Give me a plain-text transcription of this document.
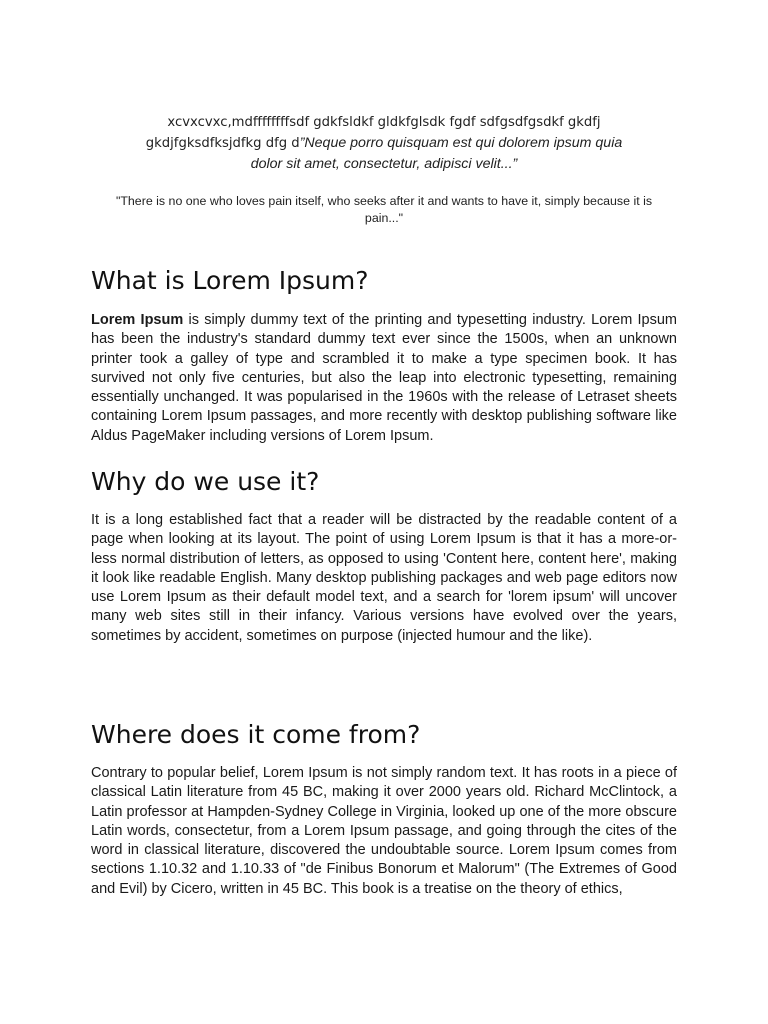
xcvxcvxc,mdffffffffsdf gdkfsldkf gldkfglsdk fgdf sdfgsdfgsdkf gkdfj
gkdjfgksdfksjdfkg dfg d”Neque porro quisquam est qui dolorem ipsum quia
dolor sit amet, consectetur, adipisci velit...”
"There is no one who loves pain itself, who seeks after it and wants to have it, simply because it is pain..."
What is Lorem Ipsum?

Lorem Ipsum is simply dummy text of the printing and typesetting industry. Lorem Ipsum has been the industry's standard dummy text ever since the 1500s, when an unknown printer took a galley of type and scrambled it to make a type specimen book. It has survived not only five centuries, but also the leap into electronic typesetting, remaining essentially unchanged. It was popularised in the 1960s with the release of Letraset sheets containing Lorem Ipsum passages, and more recently with desktop publishing software like Aldus PageMaker including versions of Lorem Ipsum.

Why do we use it?

It is a long established fact that a reader will be distracted by the readable content of a page when looking at its layout. The point of using Lorem Ipsum is that it has a more-or-less normal distribution of letters, as opposed to using 'Content here, content here', making it look like readable English. Many desktop publishing packages and web page editors now use Lorem Ipsum as their default model text, and a search for 'lorem ipsum' will uncover many web sites still in their infancy. Various versions have evolved over the years, sometimes by accident, sometimes on purpose (injected humour and the like).

Where does it come from?

Contrary to popular belief, Lorem Ipsum is not simply random text. It has roots in a piece of classical Latin literature from 45 BC, making it over 2000 years old. Richard McClintock, a Latin professor at Hampden-Sydney College in Virginia, looked up one of the more obscure Latin words, consectetur, from a Lorem Ipsum passage, and going through the cites of the word in classical literature, discovered the undoubtable source. Lorem Ipsum comes from sections 1.10.32 and 1.10.33 of "de Finibus Bonorum et Malorum" (The Extremes of Good and Evil) by Cicero, written in 45 BC. This book is a treatise on the theory of ethics,
